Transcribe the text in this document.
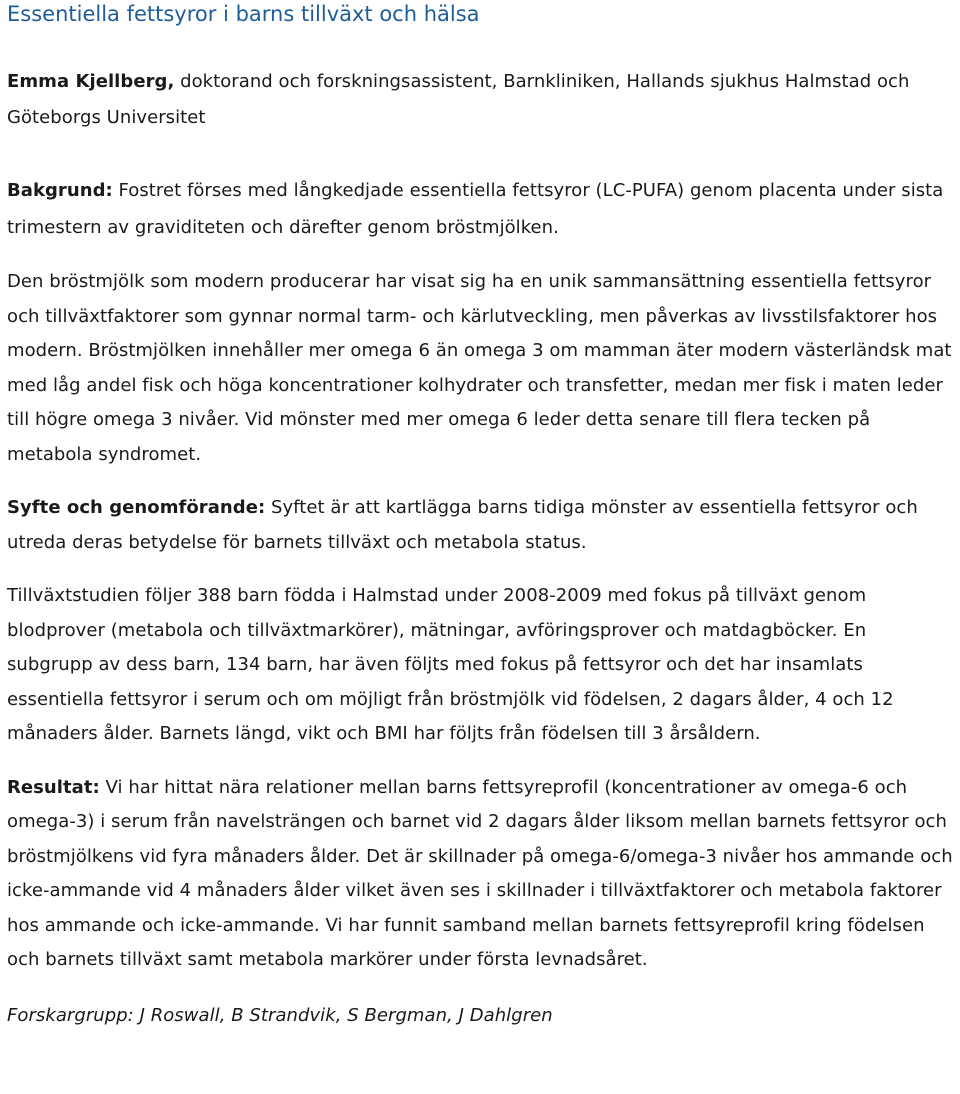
Essentiella fettsyror i barns tillväxt och hälsa

Emma Kjellberg, doktorand och forskningsassistent, Barnkliniken, Hallands sjukhus Halmstad och Göteborgs Universitet

Bakgrund: Fostret förses med långkedjade essentiella fettsyror (LC-PUFA) genom placenta under sista trimestern av graviditeten och därefter genom bröstmjölken.

Den bröstmjölk som modern producerar har visat sig ha en unik sammansättning essentiella fettsyror och tillväxtfaktorer som gynnar normal tarm- och kärlutveckling, men påverkas av livsstilsfaktorer hos modern. Bröstmjölken innehåller mer omega 6 än omega 3 om mamman äter modern västerländsk mat med låg andel fisk och höga koncentrationer kolhydrater och transfetter, medan mer fisk i maten leder till högre omega 3 nivåer. Vid mönster med mer omega 6 leder detta senare till flera tecken på metabola syndromet.

Syfte och genomförande: Syftet är att kartlägga barns tidiga mönster av essentiella fettsyror och utreda deras betydelse för barnets tillväxt och metabola status.

Tillväxtstudien följer 388 barn födda i Halmstad under 2008-2009 med fokus på tillväxt genom blodprover (metabola och tillväxtmarkörer), mätningar, avföringsprover och matdagböcker. En subgrupp av dess barn, 134 barn, har även följts med fokus på fettsyror och det har insamlats essentiella fettsyror i serum och om möjligt från bröstmjölk vid födelsen, 2 dagars ålder, 4 och 12 månaders ålder. Barnets längd, vikt och BMI har följts från födelsen till 3 årsåldern.

Resultat: Vi har hittat nära relationer mellan barns fettsyreprofil (koncentrationer av omega-6 och omega-3) i serum från navelsträngen och barnet vid 2 dagars ålder liksom mellan barnets fettsyror och bröstmjölkens vid fyra månaders ålder. Det är skillnader på omega-6/omega-3 nivåer hos ammande och icke-ammande vid 4 månaders ålder vilket även ses i skillnader i tillväxtfaktorer och metabola faktorer hos ammande och icke-ammande. Vi har funnit samband mellan barnets fettsyreprofil kring födelsen och barnets tillväxt samt metabola markörer under första levnadsåret.

Forskargrupp: J Roswall, B Strandvik, S Bergman, J Dahlgren
